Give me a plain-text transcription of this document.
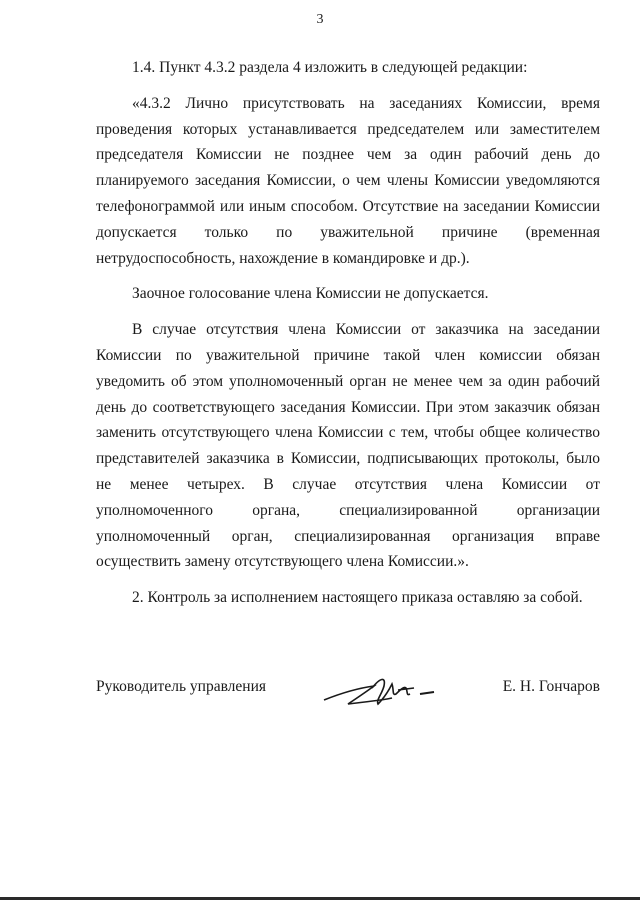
3

1.4. Пункт 4.3.2 раздела 4 изложить в следующей редакции:

«4.3.2 Лично присутствовать на заседаниях Комиссии, время проведения которых устанавливается председателем или заместителем председателя Комиссии не позднее чем за один рабочий день до планируемого заседания Комиссии, о чем члены Комиссии уведомляются телефонограммой или иным способом. Отсутствие на заседании Комиссии допускается только по уважительной причине (временная нетрудоспособность, нахождение в командировке и др.).

Заочное голосование члена Комиссии не допускается.

В случае отсутствия члена Комиссии от заказчика на заседании Комиссии по уважительной причине такой член комиссии обязан уведомить об этом уполномоченный орган не менее чем за один рабочий день до соответствующего заседания Комиссии. При этом заказчик обязан заменить отсутствующего члена Комиссии с тем, чтобы общее количество представителей заказчика в Комиссии, подписывающих протоколы, было не менее четырех. В случае отсутствия члена Комиссии от уполномоченного органа, специализированной организации уполномоченный орган, специализированная организация вправе осуществить замену отсутствующего члена Комиссии.».

2. Контроль за исполнением настоящего приказа оставляю за собой.

Руководитель управления	Е. Н. Гончаров
